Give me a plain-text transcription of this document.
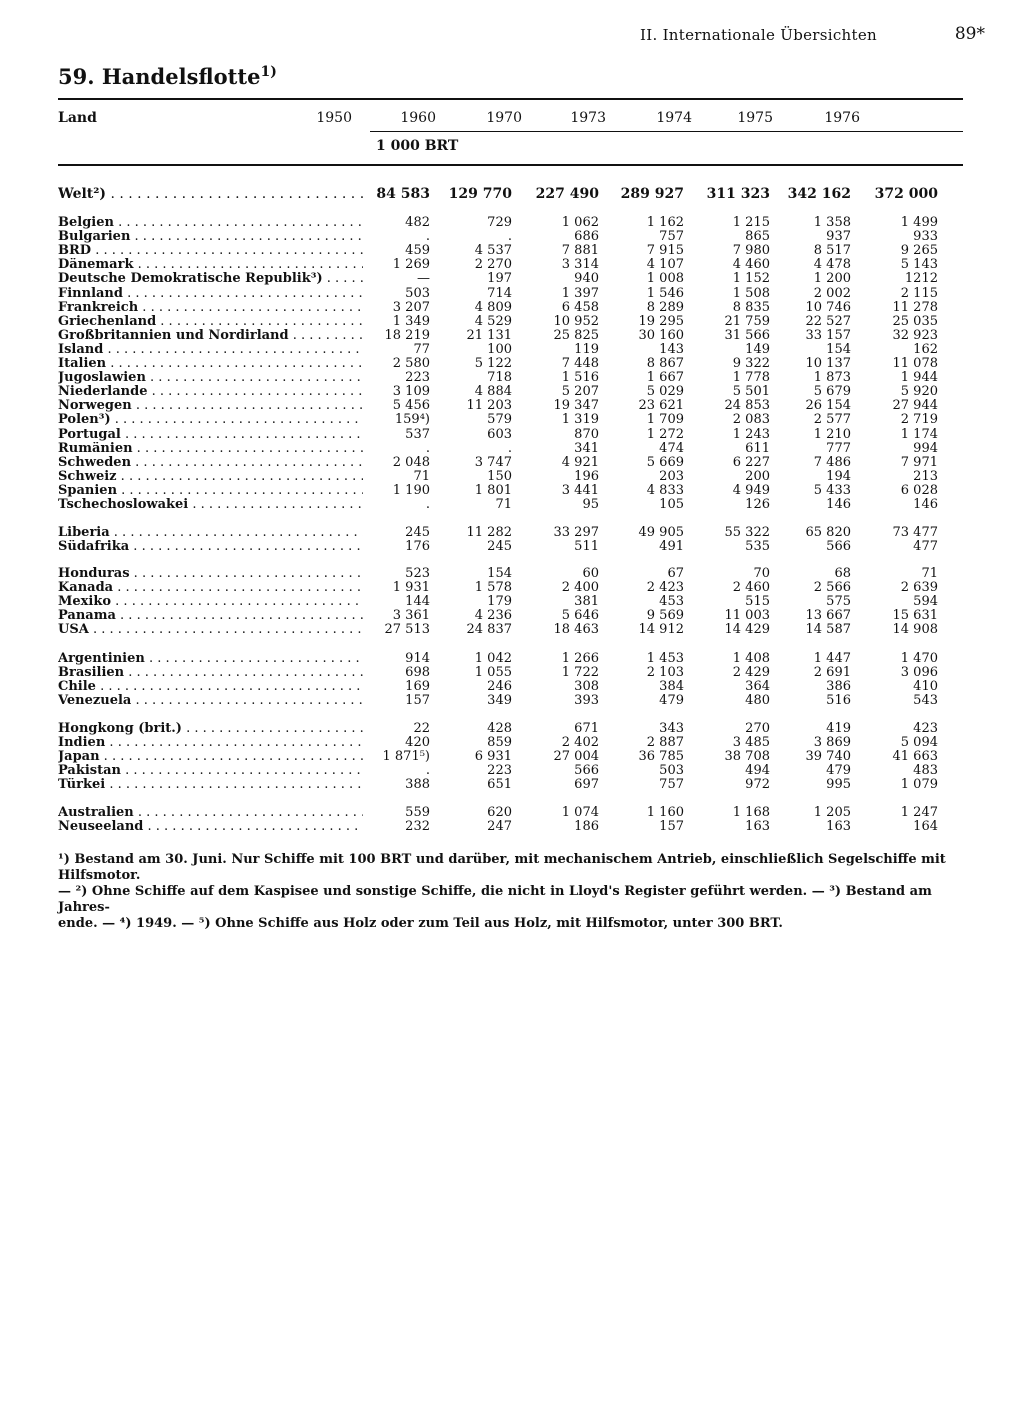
II. Internationale Übersichten	89*
59. Handelsflotte$^{1)}$
Land	1950	1960	1970	1973	1974	1975	1976
1 000 BRT
Welt²) . . .	84 583	129 770	227 490	289 927	311 323	342 162	372 000
Belgien . . .	482	729	1 062	1 162	1 215	1 358	1 499
Bulgarien . . .	.	.	686	757	865	937	933
BRD . . .	459	4 537	7 881	7 915	7 980	8 517	9 265
Dänemark . . .	1 269	2 270	3 314	4 107	4 460	4 478	5 143
Deutsche Demokratische Republik³) . . .	—	197	940	1 008	1 152	1 200	1212
Finnland . . .	503	714	1 397	1 546	1 508	2 002	2 115
Frankreich . . .	3 207	4 809	6 458	8 289	8 835	10 746	11 278
Griechenland . . .	1 349	4 529	10 952	19 295	21 759	22 527	25 035
Großbritannien und Nordirland . . .	18 219	21 131	25 825	30 160	31 566	33 157	32 923
Island . . .	77	100	119	143	149	154	162
Italien . . .	2 580	5 122	7 448	8 867	9 322	10 137	11 078
Jugoslawien . . .	223	718	1 516	1 667	1 778	1 873	1 944
Niederlande . . .	3 109	4 884	5 207	5 029	5 501	5 679	5 920
Norwegen . . .	5 456	11 203	19 347	23 621	24 853	26 154	27 944
Polen³) . . .	159⁴)	579	1 319	1 709	2 083	2 577	2 719
Portugal . . .	537	603	870	1 272	1 243	1 210	1 174
Rumänien . . .	.	.	341	474	611	777	994
Schweden . . .	2 048	3 747	4 921	5 669	6 227	7 486	7 971
Schweiz . . .	71	150	196	203	200	194	213
Spanien . . .	1 190	1 801	3 441	4 833	4 949	5 433	6 028
Tschechoslowakei . . .	.	71	95	105	126	146	146
Liberia . . .	245	11 282	33 297	49 905	55 322	65 820	73 477
Südafrika . . .	176	245	511	491	535	566	477
Honduras . . .	523	154	60	67	70	68	71
Kanada . . .	1 931	1 578	2 400	2 423	2 460	2 566	2 639
Mexiko . . .	144	179	381	453	515	575	594
Panama . . .	3 361	4 236	5 646	9 569	11 003	13 667	15 631
USA . . .	27 513	24 837	18 463	14 912	14 429	14 587	14 908
Argentinien . . .	914	1 042	1 266	1 453	1 408	1 447	1 470
Brasilien . . .	698	1 055	1 722	2 103	2 429	2 691	3 096
Chile . . .	169	246	308	384	364	386	410
Venezuela . . .	157	349	393	479	480	516	543
Hongkong (brit.) . . .	22	428	671	343	270	419	423
Indien . . .	420	859	2 402	2 887	3 485	3 869	5 094
Japan . . .	1 871⁵)	6 931	27 004	36 785	38 708	39 740	41 663
Pakistan . . .	.	223	566	503	494	479	483
Türkei . . .	388	651	697	757	972	995	1 079
Australien . . .	559	620	1 074	1 160	1 168	1 205	1 247
Neuseeland . . .	232	247	186	157	163	163	164
¹) Bestand am 30. Juni. Nur Schiffe mit 100 BRT und darüber, mit mechanischem Antrieb, einschließlich Segelschiffe mit Hilfsmotor.
— ²) Ohne Schiffe auf dem Kaspisee und sonstige Schiffe, die nicht in Lloyd's Register geführt werden. — ³) Bestand am Jahres-
ende. — ⁴) 1949. — ⁵) Ohne Schiffe aus Holz oder zum Teil aus Holz, mit Hilfsmotor, unter 300 BRT.
